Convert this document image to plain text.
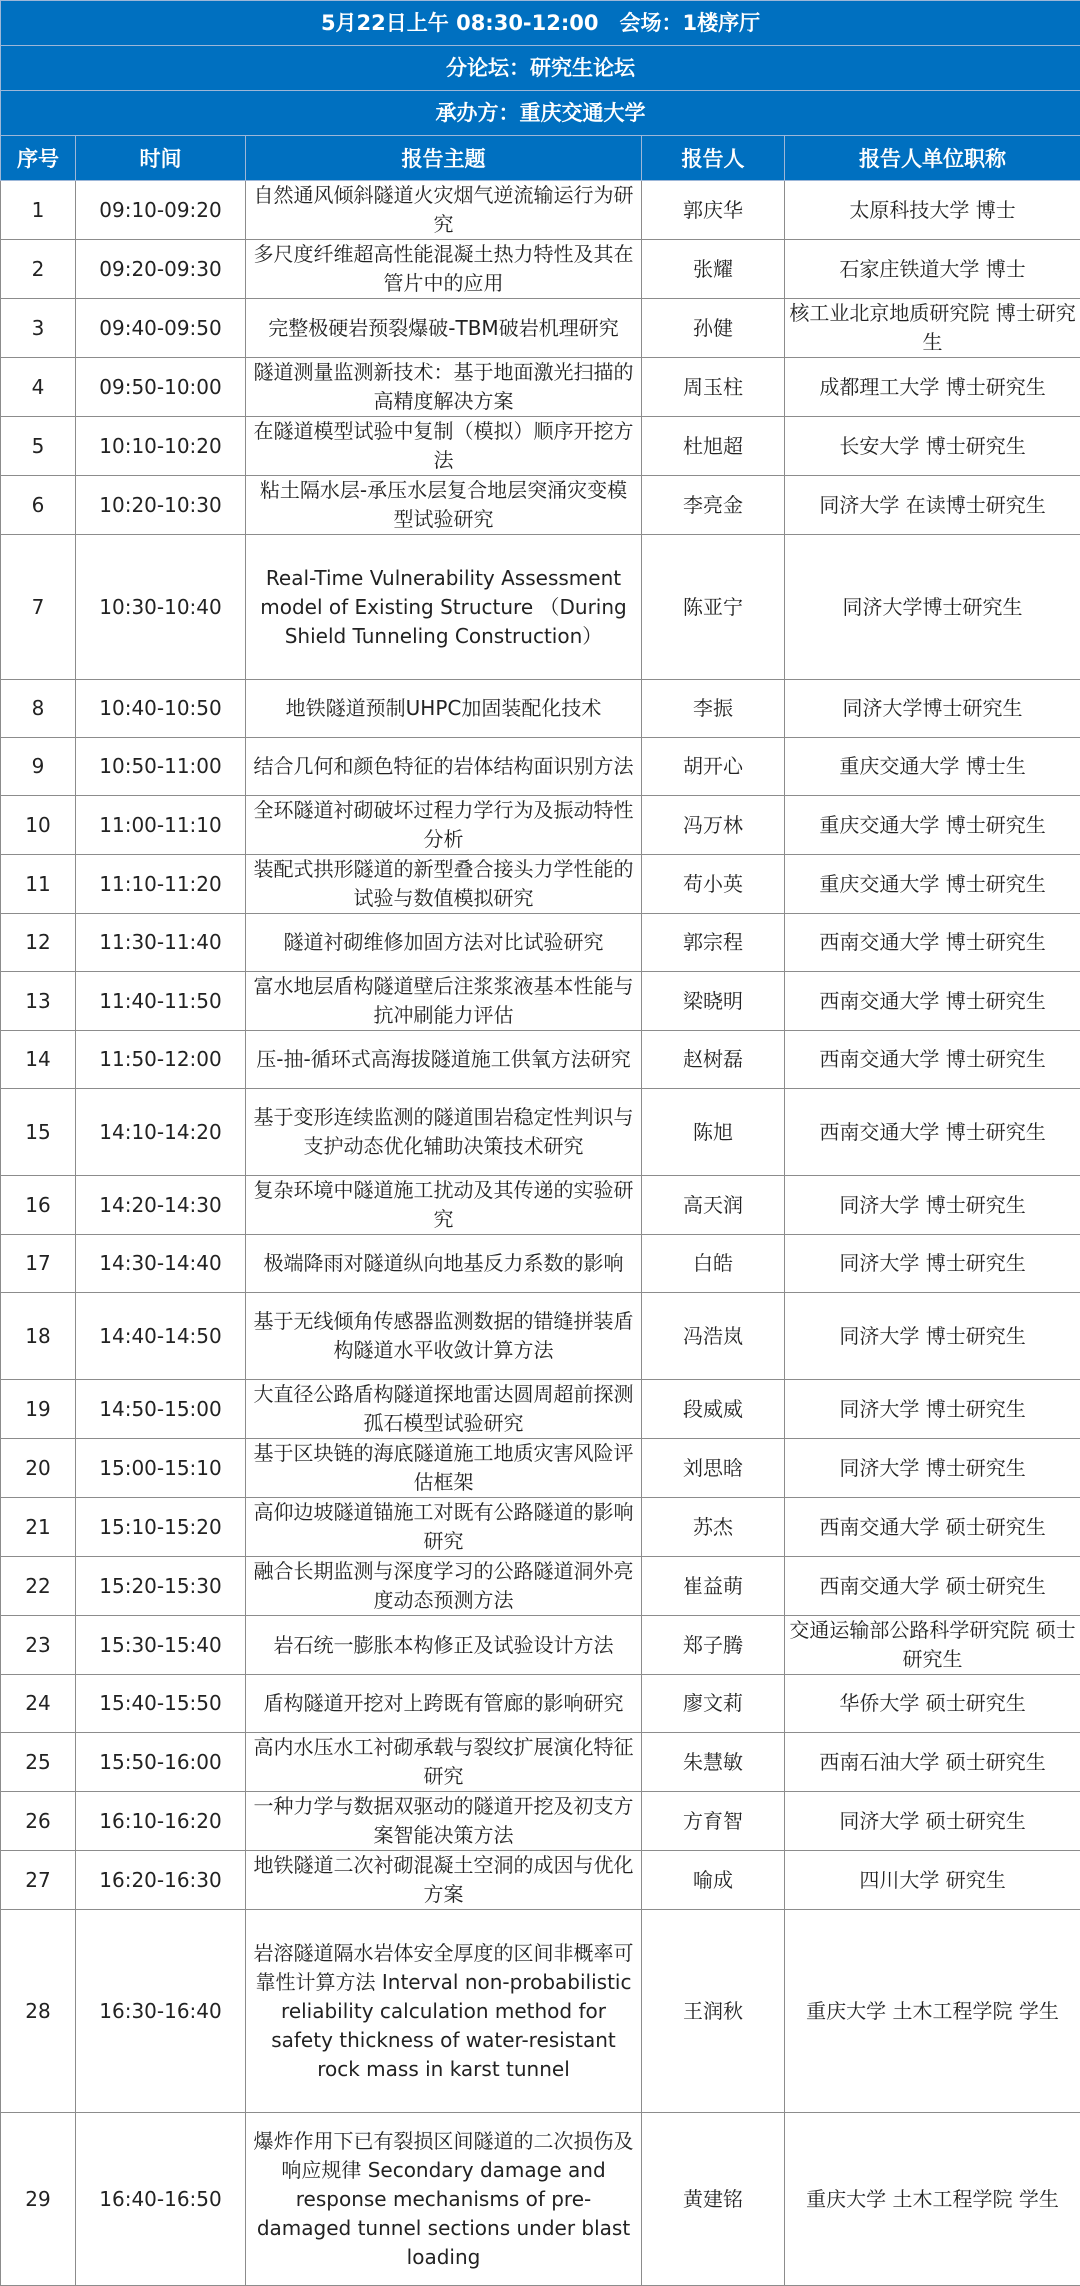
5月22日上午 08:30-12:00　会场：1楼序厅				
分论坛：研究生论坛				
承办方：重庆交通大学				
序号	时间	报告主题	报告人	报告人单位职称
1	09:10-09:20	自然通风倾斜隧道火灾烟气逆流输运行为研究	郭庆华	太原科技大学 博士
2	09:20-09:30	多尺度纤维超高性能混凝土热力特性及其在管片中的应用	张耀	石家庄铁道大学 博士
3	09:40-09:50	完整极硬岩预裂爆破-TBM破岩机理研究	孙健	核工业北京地质研究院 博士研究生
4	09:50-10:00	隧道测量监测新技术：基于地面激光扫描的高精度解决方案	周玉柱	成都理工大学 博士研究生
5	10:10-10:20	在隧道模型试验中复制（模拟）顺序开挖方法	杜旭超	长安大学 博士研究生
6	10:20-10:30	粘土隔水层-承压水层复合地层突涌灾变模型试验研究	李亮金	同济大学 在读博士研究生
7	10:30-10:40	Real-Time Vulnerability Assessment model of Existing Structure （During Shield Tunneling Construction）	陈亚宁	同济大学博士研究生
8	10:40-10:50	地铁隧道预制UHPC加固装配化技术	李振	同济大学博士研究生
9	10:50-11:00	结合几何和颜色特征的岩体结构面识别方法	胡开心	重庆交通大学 博士生
10	11:00-11:10	全环隧道衬砌破坏过程力学行为及振动特性分析	冯万林	重庆交通大学 博士研究生
11	11:10-11:20	装配式拱形隧道的新型叠合接头力学性能的试验与数值模拟研究	苟小英	重庆交通大学 博士研究生
12	11:30-11:40	隧道衬砌维修加固方法对比试验研究	郭宗程	西南交通大学 博士研究生
13	11:40-11:50	富水地层盾构隧道壁后注浆浆液基本性能与抗冲刷能力评估	梁晓明	西南交通大学 博士研究生
14	11:50-12:00	压-抽-循环式高海拔隧道施工供氧方法研究	赵树磊	西南交通大学 博士研究生
15	14:10-14:20	基于变形连续监测的隧道围岩稳定性判识与支护动态优化辅助决策技术研究	陈旭	西南交通大学 博士研究生
16	14:20-14:30	复杂环境中隧道施工扰动及其传递的实验研究	高天润	同济大学 博士研究生
17	14:30-14:40	极端降雨对隧道纵向地基反力系数的影响	白皓	同济大学 博士研究生
18	14:40-14:50	基于无线倾角传感器监测数据的错缝拼装盾构隧道水平收敛计算方法	冯浩岚	同济大学 博士研究生
19	14:50-15:00	大直径公路盾构隧道探地雷达圆周超前探测孤石模型试验研究	段威威	同济大学 博士研究生
20	15:00-15:10	基于区块链的海底隧道施工地质灾害风险评估框架	刘思晗	同济大学 博士研究生
21	15:10-15:20	高仰边坡隧道锚施工对既有公路隧道的影响研究	苏杰	西南交通大学 硕士研究生
22	15:20-15:30	融合长期监测与深度学习的公路隧道洞外亮度动态预测方法	崔益萌	西南交通大学 硕士研究生
23	15:30-15:40	岩石统一膨胀本构修正及试验设计方法	郑子腾	交通运输部公路科学研究院 硕士研究生
24	15:40-15:50	盾构隧道开挖对上跨既有管廊的影响研究	廖文莉	华侨大学 硕士研究生
25	15:50-16:00	高内水压水工衬砌承载与裂纹扩展演化特征研究	朱慧敏	西南石油大学 硕士研究生
26	16:10-16:20	一种力学与数据双驱动的隧道开挖及初支方案智能决策方法	方育智	同济大学 硕士研究生
27	16:20-16:30	地铁隧道二次衬砌混凝土空洞的成因与优化方案	喻成	四川大学 研究生
28	16:30-16:40	岩溶隧道隔水岩体安全厚度的区间非概率可靠性计算方法 Interval non-probabilistic reliability calculation method for safety thickness of water-resistant rock mass in karst tunnel	王润秋	重庆大学 土木工程学院 学生
29	16:40-16:50	爆炸作用下已有裂损区间隧道的二次损伤及响应规律 Secondary damage and response mechanisms of pre-damaged tunnel sections under blast loading	黄建铭	重庆大学 土木工程学院 学生
